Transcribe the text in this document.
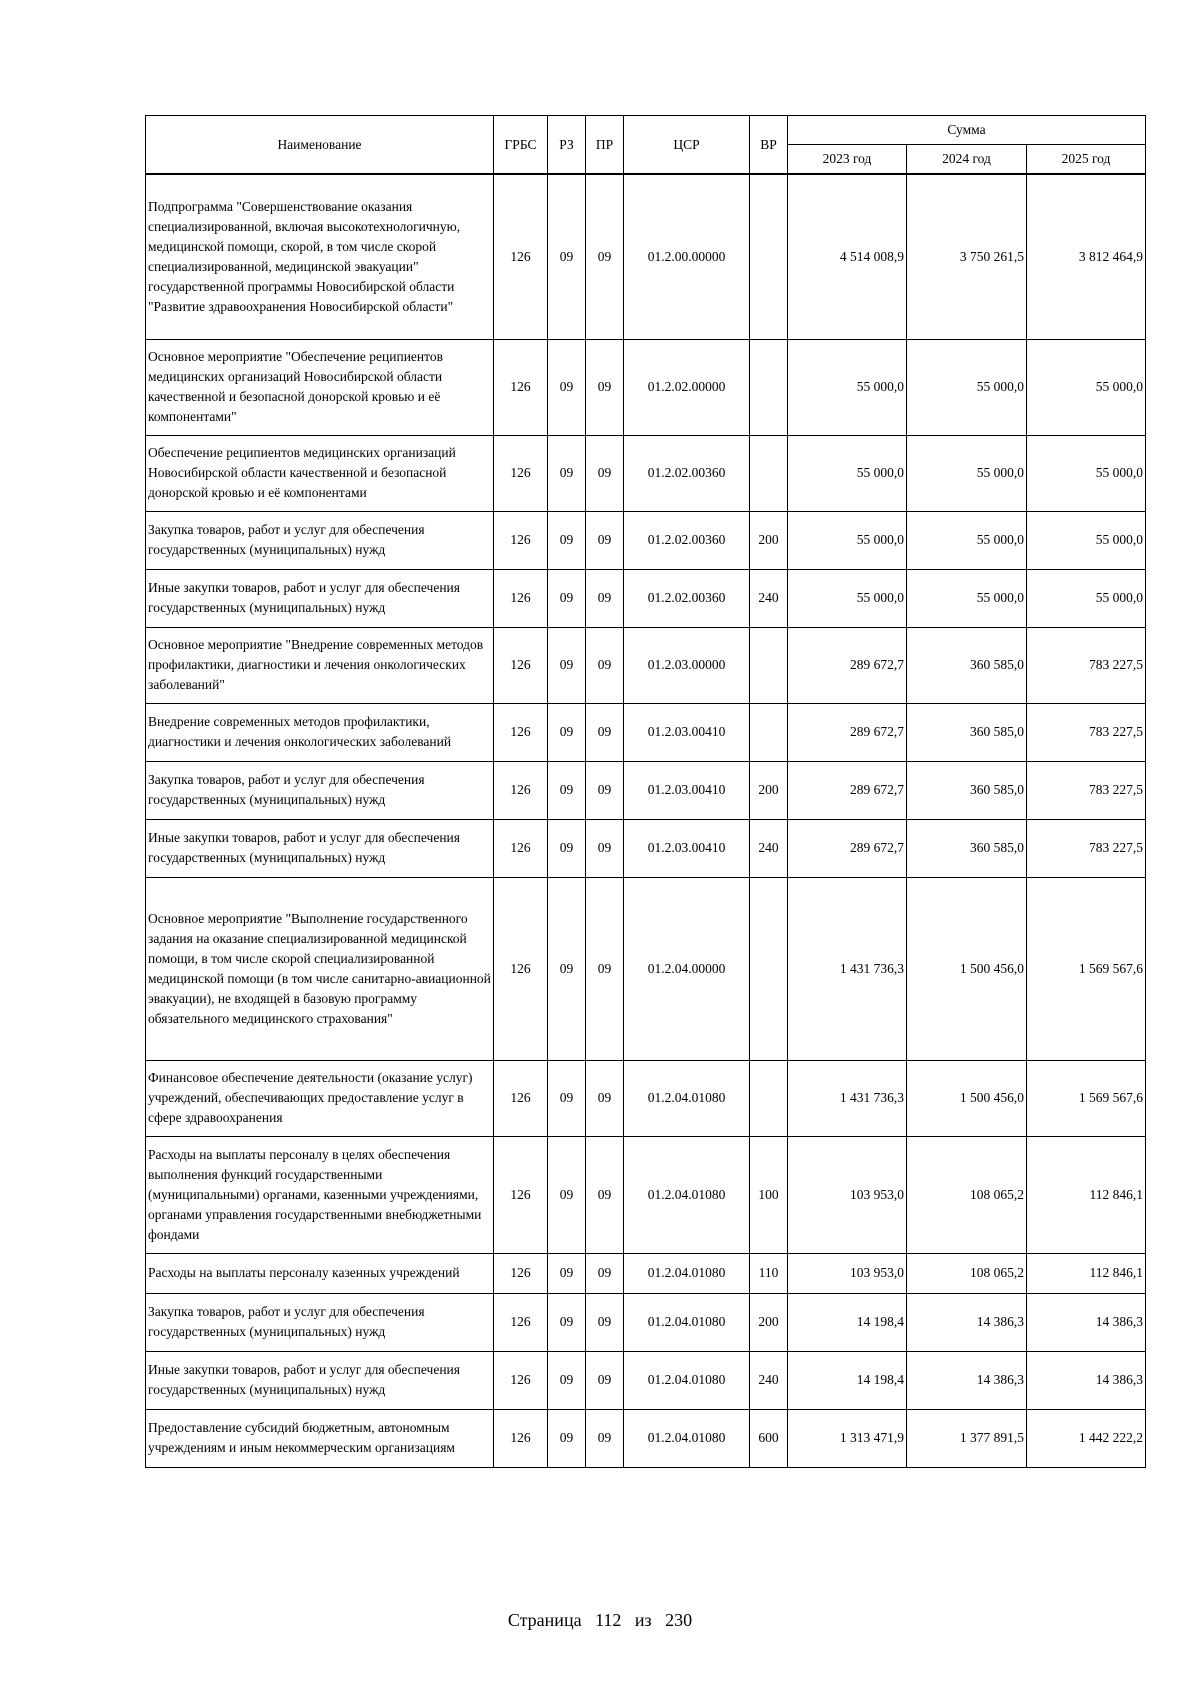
Наименование	ГРБС	РЗ	ПР	ЦСР	ВР	Сумма		
						2023 год	2024 год	2025 год
Подпрограмма "Совершенствование оказания специализированной, включая высокотехнологичную, медицинской помощи, скорой, в том числе скорой специализированной, медицинской эвакуации" государственной программы Новосибирской области "Развитие здравоохранения Новосибирской области"	126	09	09	01.2.00.00000		4 514 008,9	3 750 261,5	3 812 464,9
Основное мероприятие "Обеспечение реципиентов медицинских организаций Новосибирской области качественной и безопасной донорской кровью и её компонентами"	126	09	09	01.2.02.00000		55 000,0	55 000,0	55 000,0
Обеспечение реципиентов медицинских организаций Новосибирской области качественной и безопасной донорской кровью и её компонентами	126	09	09	01.2.02.00360		55 000,0	55 000,0	55 000,0
Закупка товаров, работ и услуг для обеспечения государственных (муниципальных) нужд	126	09	09	01.2.02.00360	200	55 000,0	55 000,0	55 000,0
Иные закупки товаров, работ и услуг для обеспечения государственных (муниципальных) нужд	126	09	09	01.2.02.00360	240	55 000,0	55 000,0	55 000,0
Основное мероприятие "Внедрение современных методов профилактики, диагностики и лечения онкологических заболеваний"	126	09	09	01.2.03.00000		289 672,7	360 585,0	783 227,5
Внедрение современных методов профилактики, диагностики и лечения онкологических заболеваний	126	09	09	01.2.03.00410		289 672,7	360 585,0	783 227,5
Закупка товаров, работ и услуг для обеспечения государственных (муниципальных) нужд	126	09	09	01.2.03.00410	200	289 672,7	360 585,0	783 227,5
Иные закупки товаров, работ и услуг для обеспечения государственных (муниципальных) нужд	126	09	09	01.2.03.00410	240	289 672,7	360 585,0	783 227,5
Основное мероприятие "Выполнение государственного задания на оказание специализированной медицинской помощи, в том числе скорой специализированной медицинской помощи (в том числе санитарно-авиационной эвакуации), не входящей в базовую программу обязательного медицинского страхования"	126	09	09	01.2.04.00000		1 431 736,3	1 500 456,0	1 569 567,6
Финансовое обеспечение деятельности (оказание услуг) учреждений, обеспечивающих предоставление услуг в сфере здравоохранения	126	09	09	01.2.04.01080		1 431 736,3	1 500 456,0	1 569 567,6
Расходы на выплаты персоналу в целях обеспечения выполнения функций государственными (муниципальными) органами, казенными учреждениями, органами управления государственными внебюджетными фондами	126	09	09	01.2.04.01080	100	103 953,0	108 065,2	112 846,1
Расходы на выплаты персоналу казенных учреждений	126	09	09	01.2.04.01080	110	103 953,0	108 065,2	112 846,1
Закупка товаров, работ и услуг для обеспечения государственных (муниципальных) нужд	126	09	09	01.2.04.01080	200	14 198,4	14 386,3	14 386,3
Иные закупки товаров, работ и услуг для обеспечения государственных (муниципальных) нужд	126	09	09	01.2.04.01080	240	14 198,4	14 386,3	14 386,3
Предоставление субсидий бюджетным, автономным учреждениям и иным некоммерческим организациям	126	09	09	01.2.04.01080	600	1 313 471,9	1 377 891,5	1 442 222,2
Страница 112 из 230
